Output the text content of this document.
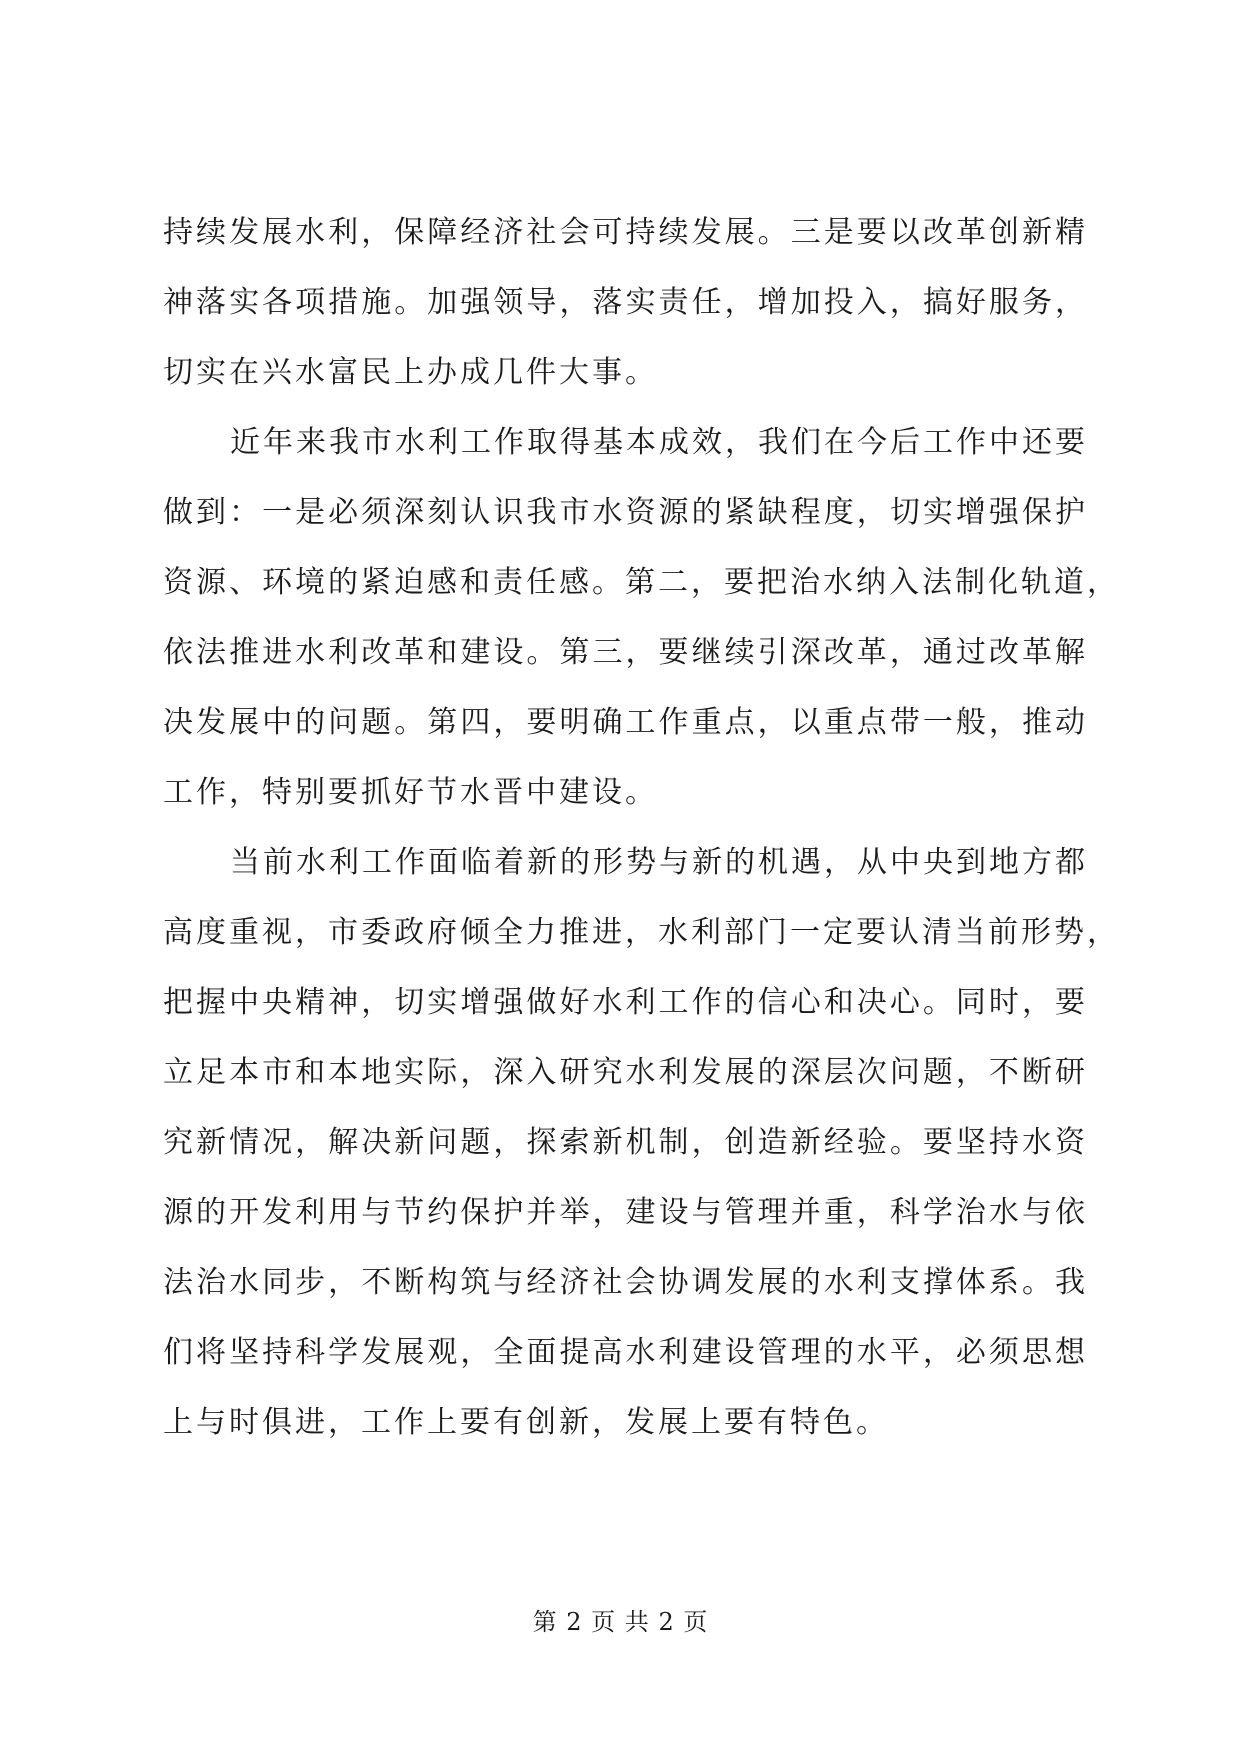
持续发展水利，保障经济社会可持续发展。三是要以改革创新精
神落实各项措施。加强领导，落实责任，增加投入，搞好服务，
切实在兴水富民上办成几件大事。
近年来我市水利工作取得基本成效，我们在今后工作中还要
做到：一是必须深刻认识我市水资源的紧缺程度，切实增强保护
资源、环境的紧迫感和责任感。第二，要把治水纳入法制化轨道，
依法推进水利改革和建设。第三，要继续引深改革，通过改革解
决发展中的问题。第四，要明确工作重点，以重点带一般，推动
工作，特别要抓好节水晋中建设。
当前水利工作面临着新的形势与新的机遇，从中央到地方都
高度重视，市委政府倾全力推进，水利部门一定要认清当前形势，
把握中央精神，切实增强做好水利工作的信心和决心。同时，要
立足本市和本地实际，深入研究水利发展的深层次问题，不断研
究新情况，解决新问题，探索新机制，创造新经验。要坚持水资
源的开发利用与节约保护并举，建设与管理并重，科学治水与依
法治水同步，不断构筑与经济社会协调发展的水利支撑体系。我
们将坚持科学发展观，全面提高水利建设管理的水平，必须思想
上与时俱进，工作上要有创新，发展上要有特色。
第 2 页 共 2 页
